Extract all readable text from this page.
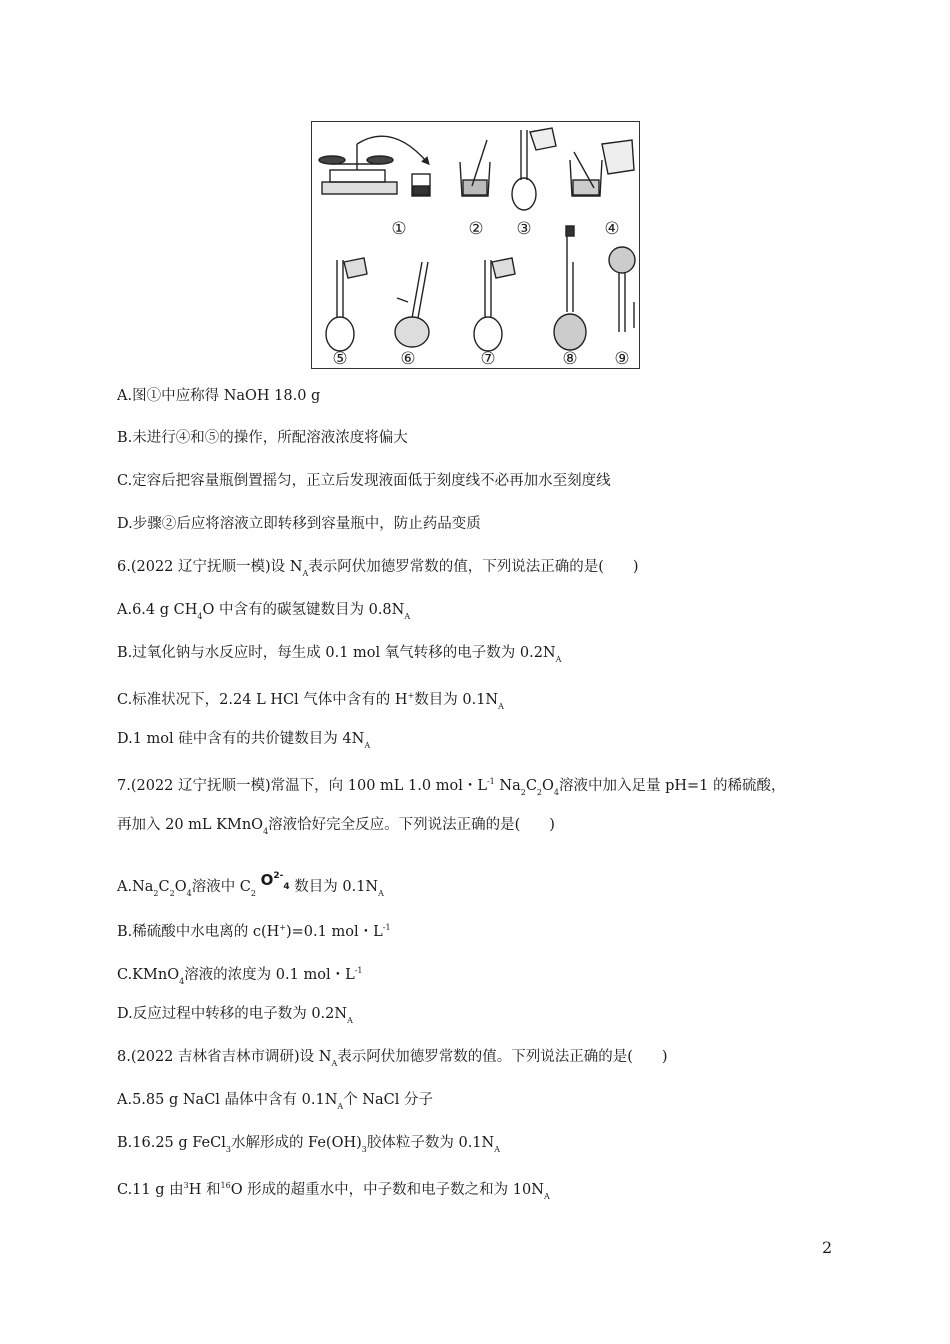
①	② ③	④
⑤	⑥	⑦	⑧ ⑨
A.图①中应称得 NaOH 18.0 g
B.未进行④和⑤的操作，所配溶液浓度将偏大
C.定容后把容量瓶倒置摇匀，正立后发现液面低于刻度线不必再加水至刻度线
D.步骤②后应将溶液立即转移到容量瓶中，防止药品变质
6.(2022 辽宁抚顺一模)设 $N_A$表示阿伏加德罗常数的值，下列说法正确的是(　　)
A.6.4 g $CH_4O$ 中含有的碳氢键数目为 $0.8N_A$
B.过氧化钠与水反应时，每生成 0.1 mol 氧气转移的电子数为 $0.2N_A$
C.标准状况下，2.24 L HCl 气体中含有的 H+数目为 $0.1N_A$
D.1 mol 硅中含有的共价键数目为 $4N_A$
7.(2022 辽宁抚顺一模)常温下，向 100 mL 1.0 mol・$L^{-1}$ $Na_2C_2O_4$溶液中加入足量 pH=1 的稀硫酸，
再加入 20 mL KMnO$_4$溶液恰好完全反应。下列说法正确的是(　　)
$A.Na_2C_2O_4$溶液中 $C_2$ $O^{2-}_4$ 数目为 $0.1N_A$
B.稀硫酸中水电离的 c(H+)=0.1 mol・$L^{-1}$
C.KMnO$_4$溶液的浓度为 0.1 mol・$L^{-1}$
D.反应过程中转移的电子数为 $0.2N_A$
8.(2022 吉林省吉林市调研)设 $N_A$表示阿伏加德罗常数的值。下列说法正确的是(　　)
A.5.85 g NaCl 晶体中含有 $0.1N_A$个 NaCl 分子
B.16.25 g FeCl$_3$水解形成的 $Fe(OH)_3$胶体粒子数为 $0.1N_A$
C.11 g 由$^3$H 和$^{16}$O 形成的超重水中，中子数和电子数之和为 $10N_A$
2
